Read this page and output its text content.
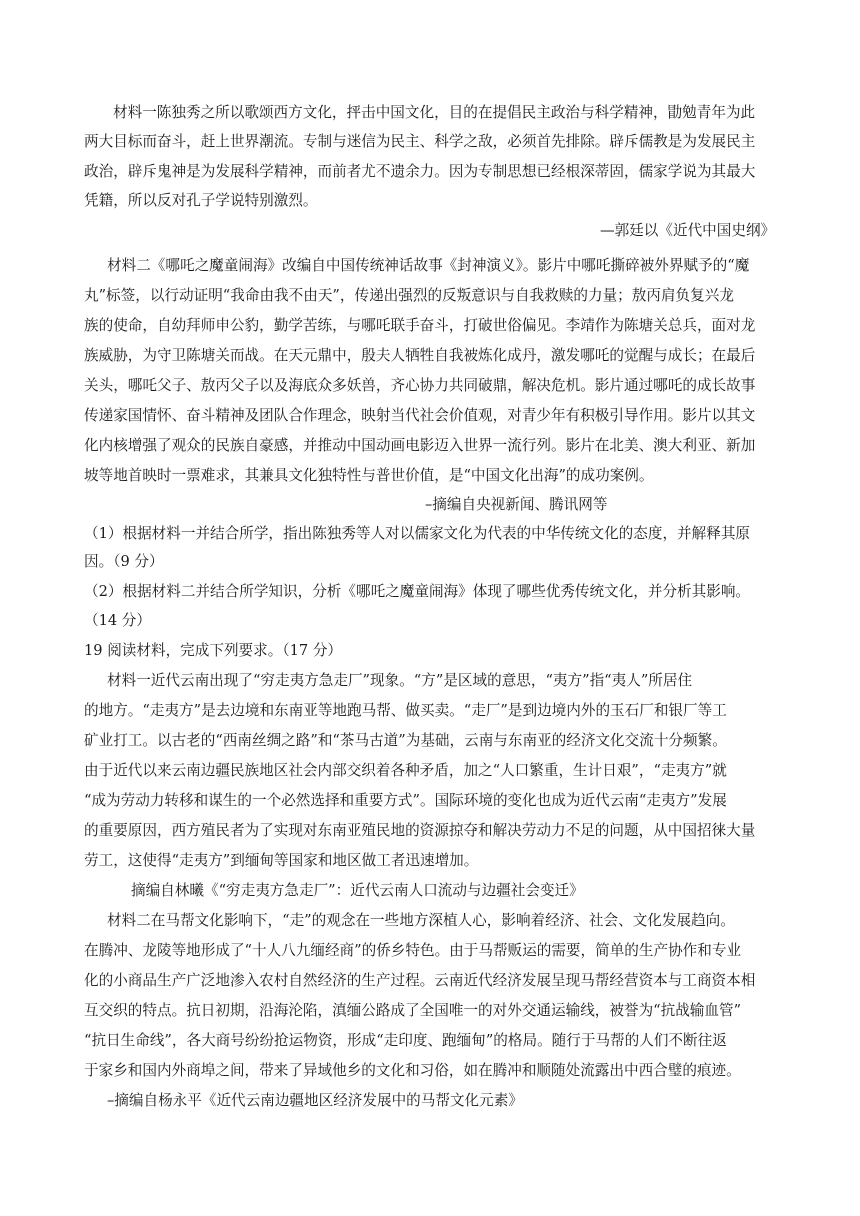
材料一陈独秀之所以歌颂西方文化，抨击中国文化，目的在提倡民主政治与科学精神，勖勉青年为此
两大目标而奋斗，赶上世界潮流。专制与迷信为民主、科学之敌，必须首先排除。辟斥儒教是为发展民主
政治，辟斥鬼神是为发展科学精神，而前者尤不遗余力。因为专制思想已经根深蒂固，儒家学说为其最大
凭籍，所以反对孔子学说特别激烈。
—郭廷以《近代中国史纲》
材料二《哪吒之魔童闹海》改编自中国传统神话故事《封神演义》。影片中哪吒撕碎被外界赋予的“魔
丸”标签，以行动证明“我命由我不由天”，传递出强烈的反叛意识与自我救赎的力量；敖丙肩负复兴龙
族的使命，自幼拜师申公豹，勤学苦练，与哪吒联手奋斗，打破世俗偏见。李靖作为陈塘关总兵，面对龙
族威胁，为守卫陈塘关而战。在天元鼎中，殷夫人牺牲自我被炼化成丹，激发哪吒的觉醒与成长；在最后
关头，哪吒父子、敖丙父子以及海底众多妖兽，齐心协力共同破鼎，解决危机。影片通过哪吒的成长故事
传递家国情怀、奋斗精神及团队合作理念，映射当代社会价值观，对青少年有积极引导作用。影片以其文
化内核增强了观众的民族自豪感，并推动中国动画电影迈入世界一流行列。影片在北美、澳大利亚、新加
坡等地首映时一票难求，其兼具文化独特性与普世价值，是“中国文化出海”的成功案例。
–摘编自央视新闻、腾讯网等
（1）根据材料一并结合所学，指出陈独秀等人对以儒家文化为代表的中华传统文化的态度，并解释其原
因。（9 分）
（2）根据材料二并结合所学知识，分析《哪吒之魔童闹海》体现了哪些优秀传统文化，并分析其影响。
（14 分）
19 阅读材料，完成下列要求。（17 分）
材料一近代云南出现了“穷走夷方急走厂”现象。“方”是区域的意思，“夷方”指“夷人”所居住
的地方。“走夷方”是去边境和东南亚等地跑马帮、做买卖。“走厂”是到边境内外的玉石厂和银厂等工
矿业打工。以古老的“西南丝绸之路”和“茶马古道”为基础，云南与东南亚的经济文化交流十分频繁。
由于近代以来云南边疆民族地区社会内部交织着各种矛盾，加之“人口繁重，生计日艰”，“走夷方”就
“成为劳动力转移和谋生的一个必然选择和重要方式”。国际环境的变化也成为近代云南“走夷方”发展
的重要原因，西方殖民者为了实现对东南亚殖民地的资源掠夺和解决劳动力不足的问题，从中国招徕大量
劳工，这使得“走夷方”到缅甸等国家和地区做工者迅速增加。
摘编自林曦《“穷走夷方急走厂”：近代云南人口流动与边疆社会变迁》
材料二在马帮文化影响下，“走”的观念在一些地方深植人心，影响着经济、社会、文化发展趋向。
在腾冲、龙陵等地形成了“十人八九缅经商”的侨乡特色。由于马帮贩运的需要，简单的生产协作和专业
化的小商品生产广泛地渗入农村自然经济的生产过程。云南近代经济发展呈现马帮经营资本与工商资本相
互交织的特点。抗日初期，沿海沦陷，滇缅公路成了全国唯一的对外交通运输线，被誉为“抗战输血管”
“抗日生命线”，各大商号纷纷抢运物资，形成“走印度、跑缅甸”的格局。随行于马帮的人们不断往返
于家乡和国内外商埠之间，带来了异域他乡的文化和习俗，如在腾冲和顺随处流露出中西合璧的痕迹。
–摘编自杨永平《近代云南边疆地区经济发展中的马帮文化元素》
